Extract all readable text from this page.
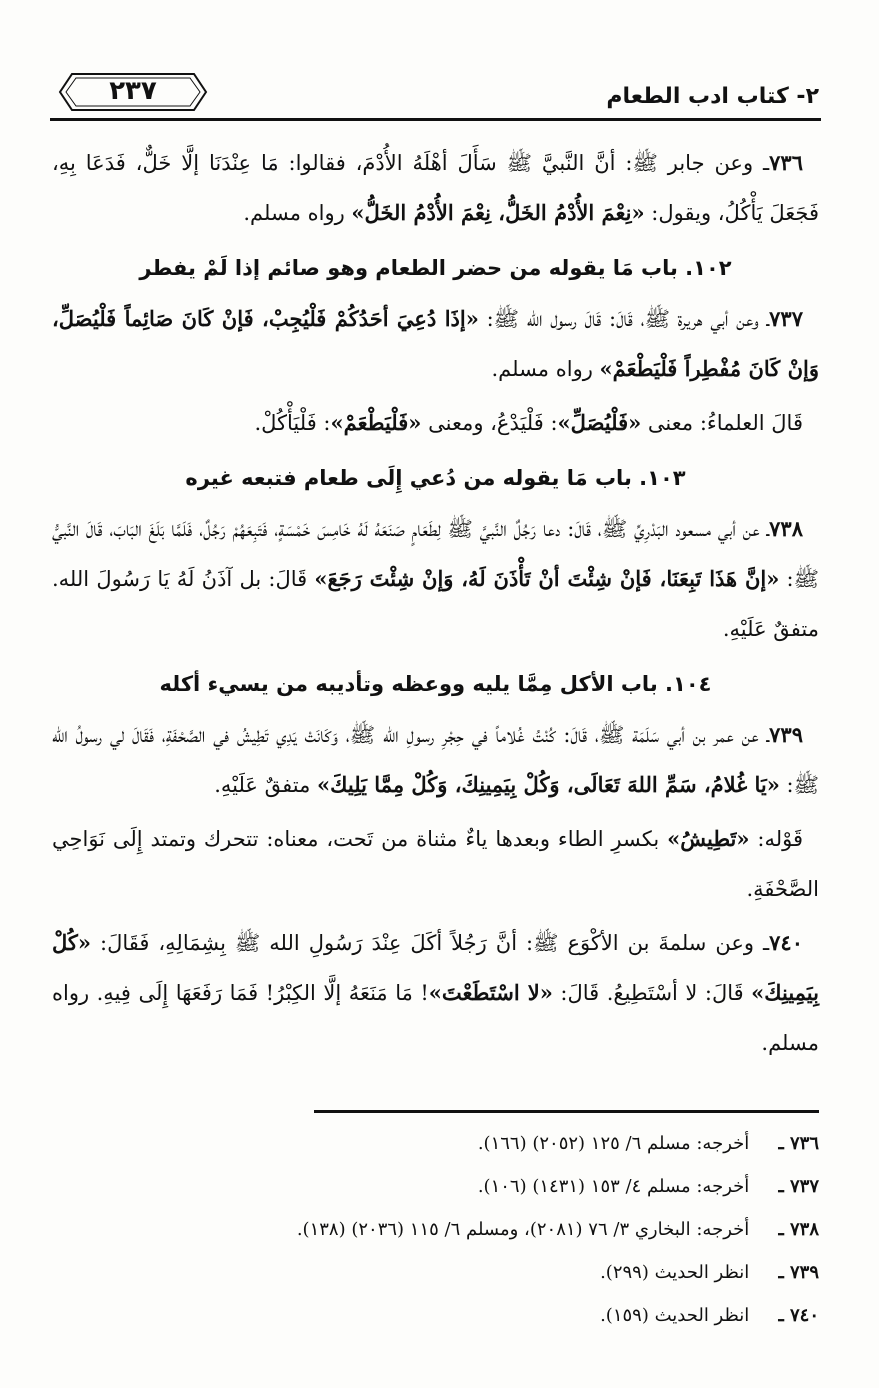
٢- كتاب ادب الطعام
٢٣٧

٧٣٦ـ وعن جابر ﷺ: أنَّ النَّبيَّ ﷺ سَأَلَ أهْلَهُ الأُدْمَ، فقالوا: مَا عِنْدَنَا إلَّا خَلٌّ، فَدَعَا بِهِ، فَجَعَلَ يَأْكُلُ، ويقول: «نِعْمَ الأُدْمُ الخَلُّ، نِعْمَ الأُدْمُ الخَلُّ» رواه مسلم.

١٠٢. باب مَا يقوله من حضر الطعام وهو صائم إذا لَمْ يفطر

٧٣٧ـ وعن أبي هريرة ﷺ، قَالَ: قَالَ رسول الله ﷺ: «إذَا دُعِيَ أحَدُكُمْ فَلْيُجِبْ، فَإنْ كَانَ صَائِماً فَلْيُصَلِّ، وَإنْ كَانَ مُفْطِراً فَلْيَطْعَمْ» رواه مسلم.

قَالَ العلماءُ: معنى «فَلْيُصَلِّ»: فَلْيَدْعُ، ومعنى «فَلْيَطْعَمْ»: فَلْيَأْكُلْ.

١٠٣. باب مَا يقوله من دُعي إِلَى طعام فتبعه غيره

٧٣٨ـ عن أبي مسعود البَدْرِيِّ ﷺ، قَالَ: دعا رَجُلٌ النَّبيَّ ﷺ لِطَعَامٍ صَنَعَهُ لَهُ خَامِسَ خَمْسَةٍ، فَتَبِعَهُمْ رَجُلٌ، فَلَمَّا بَلَغَ البَابَ، قَالَ النَّبيُّ ﷺ: «إنَّ هَذَا تَبِعَنَا، فَإنْ شِئْتَ أنْ تَأْذَنَ لَهُ، وَإنْ شِئْتَ رَجَعَ» قَالَ: بل آذَنُ لَهُ يَا رَسُولَ الله. متفقٌ عَلَيْهِ.

١٠٤. باب الأكل مِمَّا يليه ووعظه وتأديبه من يسيء أكله

٧٣٩ـ عن عمر بن أبي سَلَمَة ﷺ، قَالَ: كُنْتُ غُلاماً في حِجْرِ رسولِ الله ﷺ، وَكَانَتْ يَدِي تَطِيشُ في الصَّحْفَةِ، فَقَالَ لي رسولُ الله ﷺ: «يَا غُلامُ، سَمِّ اللهَ تَعَالَى، وَكُلْ بِيَمِينِكَ، وَكُلْ مِمَّا يَلِيكَ» متفقٌ عَلَيْهِ.

قَوْله: «تَطِيشُ» بكسرِ الطاء وبعدها ياءٌ مثناة من تَحت، معناه: تتحرك وتمتد إِلَى نَوَاحِي الصَّحْفَةِ.

٧٤٠ـ وعن سلمةَ بن الأكْوَع ﷺ: أنَّ رَجُلاً أكَلَ عِنْدَ رَسُولِ الله ﷺ بِشِمَالِهِ، فَقَالَ: «كُلْ بِيَمِينِكَ» قَالَ: لا أسْتَطِيعُ. قَالَ: «لا اسْتَطَعْتَ»! مَا مَنَعَهُ إلَّا الكِبْرُ! فَمَا رَفَعَهَا إِلَى فِيهِ. رواه مسلم.

٧٣٦ ـ أخرجه: مسلم ٦/ ١٢٥ (٢٠٥٢) (١٦٦).
٧٣٧ ـ أخرجه: مسلم ٤/ ١٥٣ (١٤٣١) (١٠٦).
٧٣٨ ـ أخرجه: البخاري ٣/ ٧٦ (٢٠٨١)، ومسلم ٦/ ١١٥ (٢٠٣٦) (١٣٨).
٧٣٩ ـ انظر الحديث (٢٩٩).
٧٤٠ ـ انظر الحديث (١٥٩).
